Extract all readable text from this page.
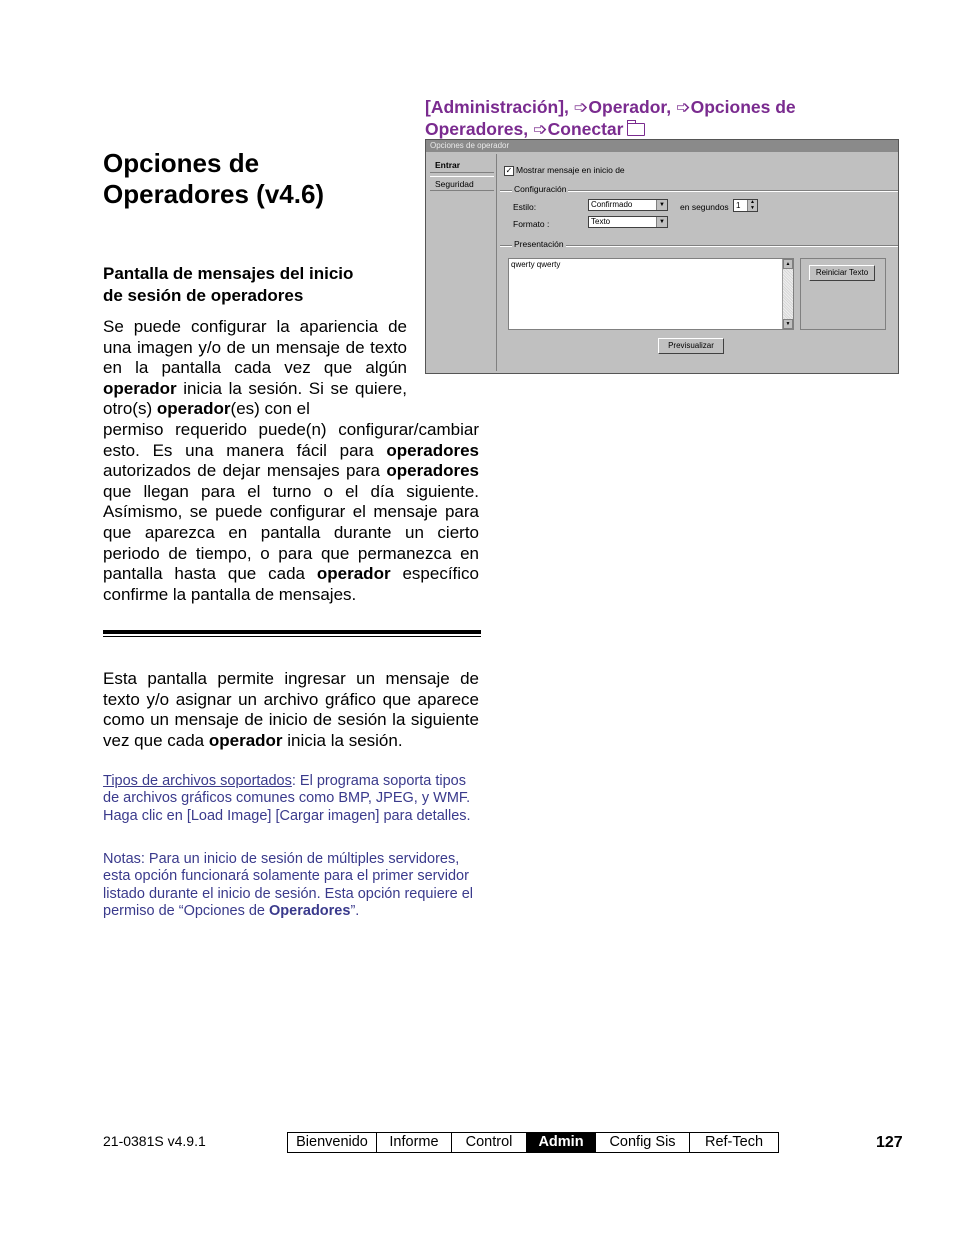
[Administración], ➩Operador, ➩Opciones de
Operadores, ➩Conectar
Opciones de
Operadores (v4.6)
Pantalla de mensajes del inicio
de sesión de operadores
Se puede configurar la apariencia de una imagen y/o de un mensaje de texto en la pantalla cada vez que algún operador inicia la sesión. Si se quiere, otro(s) operador(es) con el
permiso requerido puede(n) configurar/cambiar esto. Es una manera fácil para operadores autorizados de dejar mensajes para operadores que llegan para el turno o el día siguiente. Asímismo, se puede configurar el mensaje para que aparezca en pantalla durante un cierto periodo de tiempo, o para que permanezca en pantalla hasta que cada operador específico confirme la pantalla de mensajes.
Esta pantalla permite ingresar un mensaje de texto y/o asignar un archivo gráfico que aparece como un mensaje de inicio de sesión la siguiente vez que cada operador inicia la sesión.
Tipos de archivos soportados: El programa soporta tipos de archivos gráficos comunes como BMP, JPEG, y WMF. Haga clic en [Load Image] [Cargar imagen] para detalles.
Notas: Para un inicio de sesión de múltiples servidores, esta opción funcionará solamente para el primer servidor listado durante el inicio de sesión. Esta opción requiere el permiso de “Opciones de Operadores”.
Opciones de operador
Entrar
Seguridad
✓ Mostrar mensaje en inicio de
Configuración
Estilo:	Confirmado	▼ en segundos 1	▲
▼
Formato :	Texto	▼
Presentación
qwerty qwerty	▲
▼
Reiniciar Texto
Previsualizar
21-0381S v4.9.1	Bienvenido	Informe	Control	Admin	Config Sis	Ref-Tech	127
